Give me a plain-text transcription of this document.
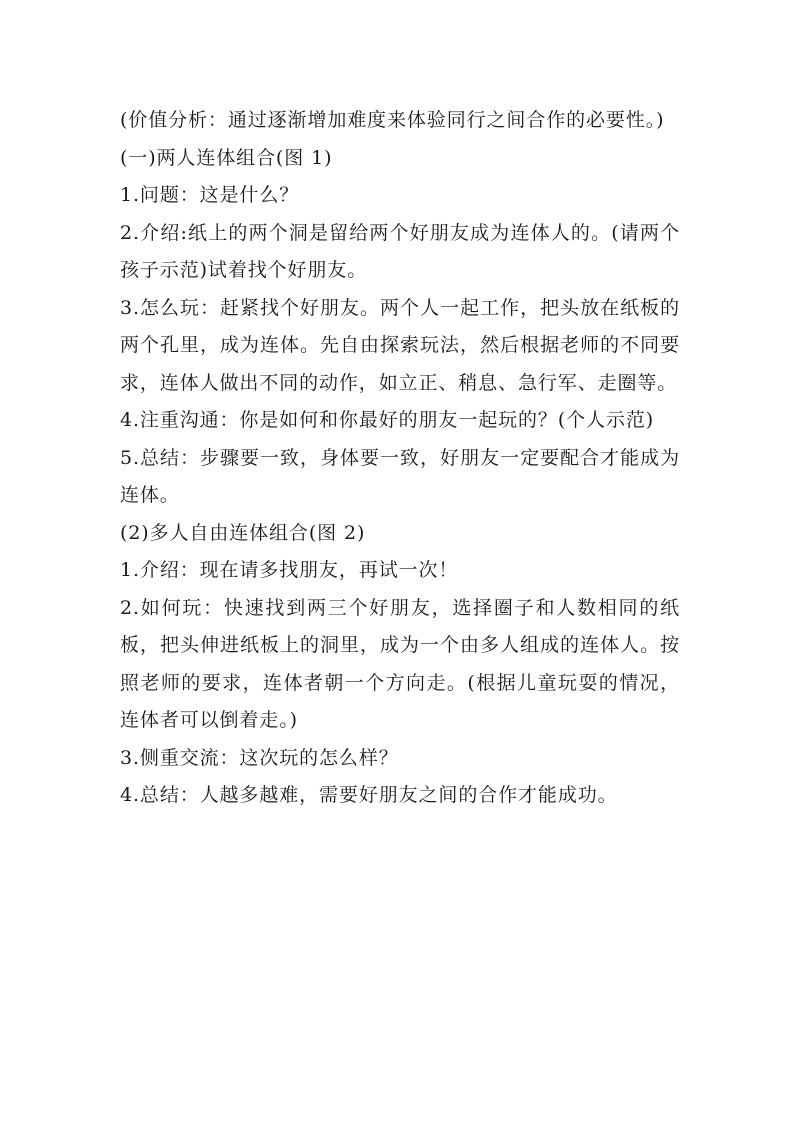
(价值分析：通过逐渐增加难度来体验同行之间合作的必要性。)

(一)两人连体组合(图 1)

1.问题：这是什么？

2.介绍:纸上的两个洞是留给两个好朋友成为连体人的。(请两个孩子示范)试着找个好朋友。

3.怎么玩：赶紧找个好朋友。两个人一起工作，把头放在纸板的两个孔里，成为连体。先自由探索玩法，然后根据老师的不同要求，连体人做出不同的动作，如立正、稍息、急行军、走圈等。

4.注重沟通：你是如何和你最好的朋友一起玩的？(个人示范)

5.总结：步骤要一致，身体要一致，好朋友一定要配合才能成为连体。

(2)多人自由连体组合(图 2)

1.介绍：现在请多找朋友，再试一次！

2.如何玩：快速找到两三个好朋友，选择圈子和人数相同的纸板，把头伸进纸板上的洞里，成为一个由多人组成的连体人。按照老师的要求，连体者朝一个方向走。(根据儿童玩耍的情况，连体者可以倒着走。)

3.侧重交流：这次玩的怎么样？

4.总结：人越多越难，需要好朋友之间的合作才能成功。
